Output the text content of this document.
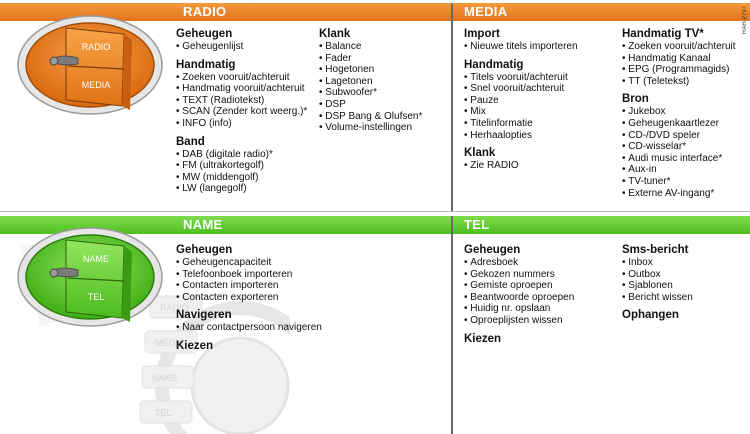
RADIO
MEDIA
NAME
TEL
RADIO	MEDIA
NAME	TEL
RAR-2797
RADIO
MEDIA
NAME
TEL
Geheugen
• Geheugenlijst
Handmatig
• Zoeken vooruit/achteruit
• Handmatig vooruit/achteruit
• TEXT (Radiotekst)
• SCAN (Zender kort weerg.)*
• INFO (info)
Band
• DAB (digitale radio)*
• FM (ultrakortegolf)
• MW (middengolf)
• LW (langegolf)
Klank
• Balance
• Fader
• Hogetonen
• Lagetonen
• Subwoofer*
• DSP
• DSP Bang & Olufsen*
• Volume-instellingen
Import
• Nieuwe titels importeren
Handmatig
• Titels vooruit/achteruit
• Snel vooruit/achteruit
• Pauze
• Mix
• Titelinformatie
• Herhaalopties
Klank
• Zie RADIO
Handmatig TV*
• Zoeken vooruit/achteruit
• Handmatig Kanaal
• EPG (Programmagids)
• TT (Teletekst)
Bron
• Jukebox
• Geheugenkaartlezer
• CD-/DVD speler
• CD-wisselar*
• Audi music interface*
• Aux-in
• TV-tuner*
• Externe AV-ingang*
Geheugen
• Geheugencapaciteit
• Telefoonboek importeren
• Contacten importeren
• Contacten exporteren
Navigeren
• Naar contactpersoon navigeren
Kiezen
Geheugen
• Adresboek
• Gekozen nummers
• Gemiste oproepen
• Beantwoorde oproepen
• Huidig nr. opslaan
• Oproeplijsten wissen
Kiezen
Sms-bericht
• Inbox
• Outbox
• Sjablonen
• Bericht wissen
Ophangen
